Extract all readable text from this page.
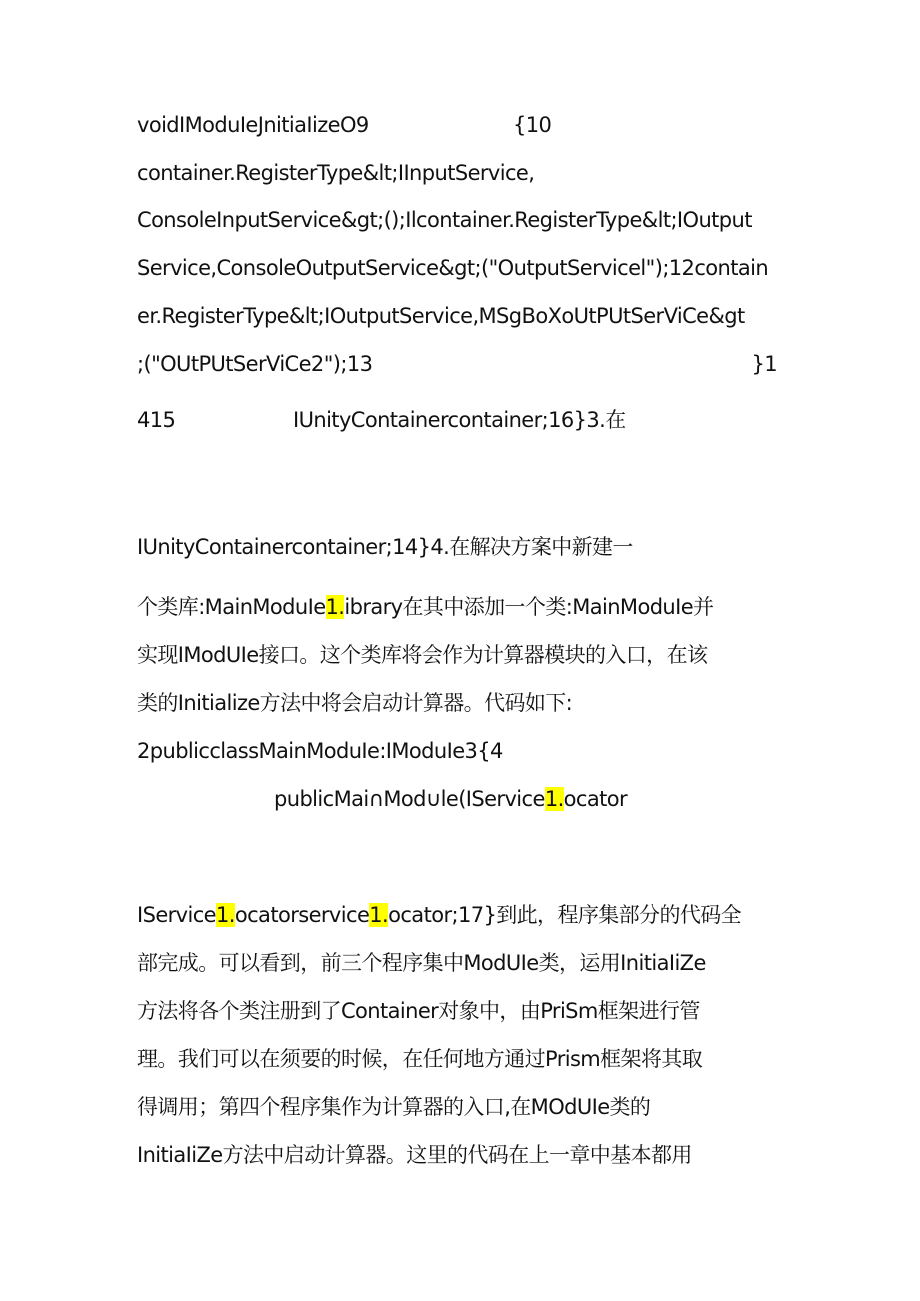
voidIModuIeJnitiaIizeO9	{10

container.RegisterType&lt;IInputService,

ConsoleInputService&gt;();Ilcontainer.RegisterType&lt;IOutput

Service,ConsoleOutputService&gt;("OutputServicel");12contain

er.RegisterType&lt;IOutputService,MSgBoXoUtPUtSerViCe&gt

;("OUtPUtSerViCe2");13	}1

415	IUnityContainercontainer;16}3.在

IUnityContainercontainer;14}4.在解决方案中新建一

个类库:MainModuIe1.ibrary在其中添加一个类:MainModuIe并

实现IModUIe接口。这个类库将会作为计算器模块的入口，在该

类的Initialize方法中将会启动计算器。代码如下:

2publicclassMainModuIe:IModuIe3{4

publicMai∩Mod∪le(IService1.ocator

IService1.ocatorservice1.ocator;17}到此，程序集部分的代码全

部完成。可以看到，前三个程序集中ModUIe类，运用InitiaIiZe

方法将各个类注册到了Container对象中，由PriSm框架进行管

理。我们可以在须要的时候，在任何地方通过Prism框架将其取

得调用；第四个程序集作为计算器的入口,在MOdUIe类的

InitiaIiZe方法中启动计算器。这里的代码在上一章中基本都用
